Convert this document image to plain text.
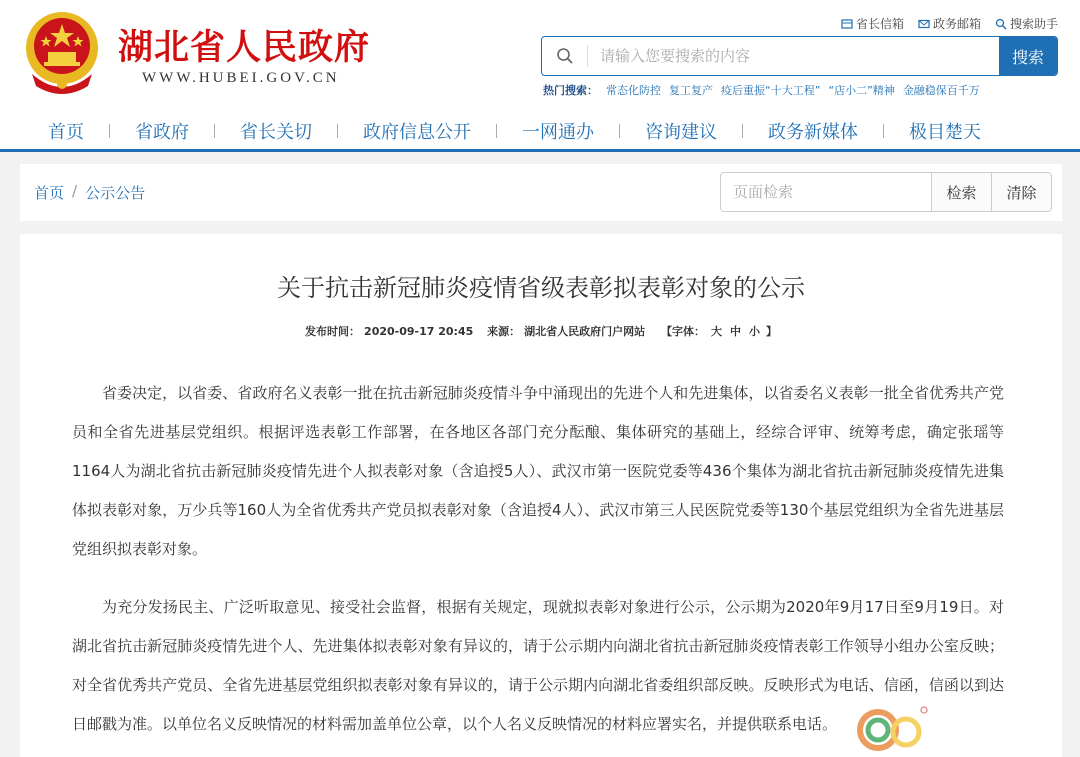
湖北省人民政府
WWW.HUBEI.GOV.CN
省长信箱 政务邮箱 搜索助手
请输入您要搜索的内容
搜索
热门搜索： 常态化防控 复工复产 疫后重振“十大工程” “店小二”精神 金融稳保百千万
首页	省政府	省长关切	政府信息公开	一网通办	咨询建议	政务新媒体	极目楚天
首页 / 公示公告
页面检索	检索	清除
关于抗击新冠肺炎疫情省级表彰拟表彰对象的公示
发布时间： 2020-09-17 20:45 来源： 湖北省人民政府门户网站 【字体： 大 中 小 】

省委决定，以省委、省政府名义表彰一批在抗击新冠肺炎疫情斗争中涌现出的先进个人和先进集体，以省委名义表彰一批全省优秀共产党员和全省先进基层党组织。根据评选表彰工作部署，在各地区各部门充分酝酿、集体研究的基础上，经综合评审、统筹考虑，确定张瑶等1164人为湖北省抗击新冠肺炎疫情先进个人拟表彰对象（含追授5人）、武汉市第一医院党委等436个集体为湖北省抗击新冠肺炎疫情先进集体拟表彰对象，万少兵等160人为全省优秀共产党员拟表彰对象（含追授4人）、武汉市第三人民医院党委等130个基层党组织为全省先进基层党组织拟表彰对象。

为充分发扬民主、广泛听取意见、接受社会监督，根据有关规定，现就拟表彰对象进行公示，公示期为2020年9月17日至9月19日。对湖北省抗击新冠肺炎疫情先进个人、先进集体拟表彰对象有异议的，请于公示期内向湖北省抗击新冠肺炎疫情表彰工作领导小组办公室反映；对全省优秀共产党员、全省先进基层党组织拟表彰对象有异议的，请于公示期内向湖北省委组织部反映。反映形式为电话、信函，信函以到达日邮戳为准。以单位名义反映情况的材料需加盖单位公章，以个人名义反映情况的材料应署实名，并提供联系电话。
